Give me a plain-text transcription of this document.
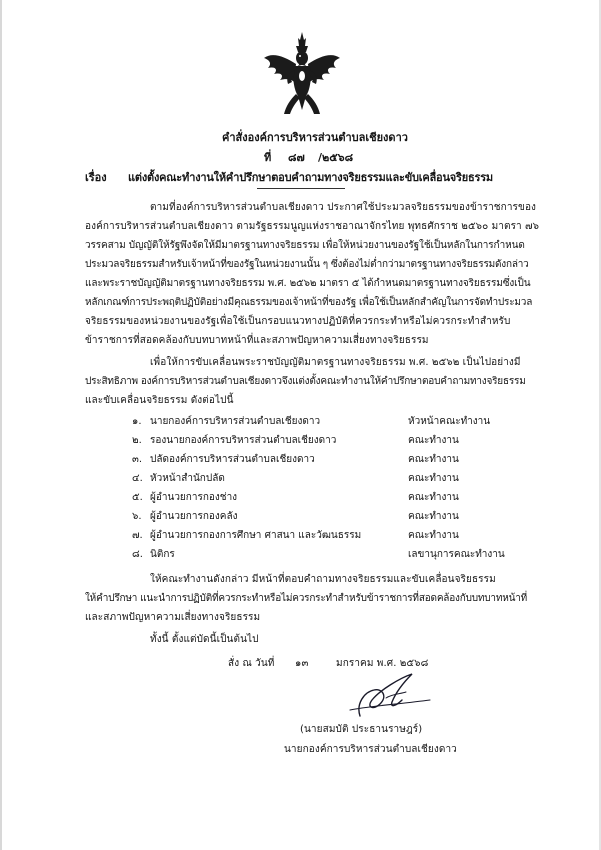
คำสั่งองค์การบริหารส่วนตำบลเชียงดาว
ที่ ๘๗ /๒๕๖๘
เรื่อง แต่งตั้งคณะทำงานให้คำปรึกษาตอบคำถามทางจริยธรรมและขับเคลื่อนจริยธรรม
ตามที่องค์การบริหารส่วนตำบลเชียงดาว ประกาศใช้ประมวลจริยธรรมของข้าราชการของ
องค์การบริหารส่วนตำบลเชียงดาว ตามรัฐธรรมนูญแห่งราชอาณาจักรไทย พุทธศักราช ๒๕๖๐ มาตรา ๗๖
วรรคสาม บัญญัติให้รัฐพึงจัดให้มีมาตรฐานทางจริยธรรม เพื่อให้หน่วยงานของรัฐใช้เป็นหลักในการกำหนด
ประมวลจริยธรรมสำหรับเจ้าหน้าที่ของรัฐในหน่วยงานนั้น ๆ ซึ่งต้องไม่ต่ำกว่ามาตรฐานทางจริยธรรมดังกล่าว
และพระราชบัญญัติมาตรฐานทางจริยธรรม พ.ศ. ๒๕๖๒ มาตรา ๕ ได้กำหนดมาตรฐานทางจริยธรรมซึ่งเป็น
หลักเกณฑ์การประพฤติปฏิบัติอย่างมีคุณธรรมของเจ้าหน้าที่ของรัฐ เพื่อใช้เป็นหลักสำคัญในการจัดทำประมวล
จริยธรรมของหน่วยงานของรัฐเพื่อใช้เป็นกรอบแนวทางปฏิบัติที่ควรกระทำหรือไม่ควรกระทำสำหรับ
ข้าราชการที่สอดคล้องกับบทบาทหน้าที่และสภาพปัญหาความเสี่ยงทางจริยธรรม
เพื่อให้การขับเคลื่อนพระราชบัญญัติมาตรฐานทางจริยธรรม พ.ศ. ๒๕๖๒ เป็นไปอย่างมี
ประสิทธิภาพ องค์การบริหารส่วนตำบลเชียงดาวจึงแต่งตั้งคณะทำงานให้คำปรึกษาตอบคำถามทางจริยธรรม
และขับเคลื่อนจริยธรรม ดังต่อไปนี้
๑. นายกองค์การบริหารส่วนตำบลเชียงดาว	หัวหน้าคณะทำงาน
๒. รองนายกองค์การบริหารส่วนตำบลเชียงดาว	คณะทำงาน
๓. ปลัดองค์การบริหารส่วนตำบลเชียงดาว	คณะทำงาน
๔. หัวหน้าสำนักปลัด	คณะทำงาน
๕. ผู้อำนวยการกองช่าง	คณะทำงาน
๖. ผู้อำนวยการกองคลัง	คณะทำงาน
๗. ผู้อำนวยการกองการศึกษา ศาสนา และวัฒนธรรม	คณะทำงาน
๘. นิติกร	เลขานุการคณะทำงาน
ให้คณะทำงานดังกล่าว มีหน้าที่ตอบคำถามทางจริยธรรมและขับเคลื่อนจริยธรรม
ให้คำปรึกษา แนะนำการปฏิบัติที่ควรกระทำหรือไม่ควรกระทำสำหรับข้าราชการที่สอดคล้องกับบทบาทหน้าที่
และสภาพปัญหาความเสี่ยงทางจริยธรรม
ทั้งนี้ ตั้งแต่บัดนี้เป็นต้นไป
สั่ง ณ วันที่ ๑๓	มกราคม พ.ศ. ๒๕๖๘
(นายสมบัติ ประธานราษฎร์)
นายกองค์การบริหารส่วนตำบลเชียงดาว
